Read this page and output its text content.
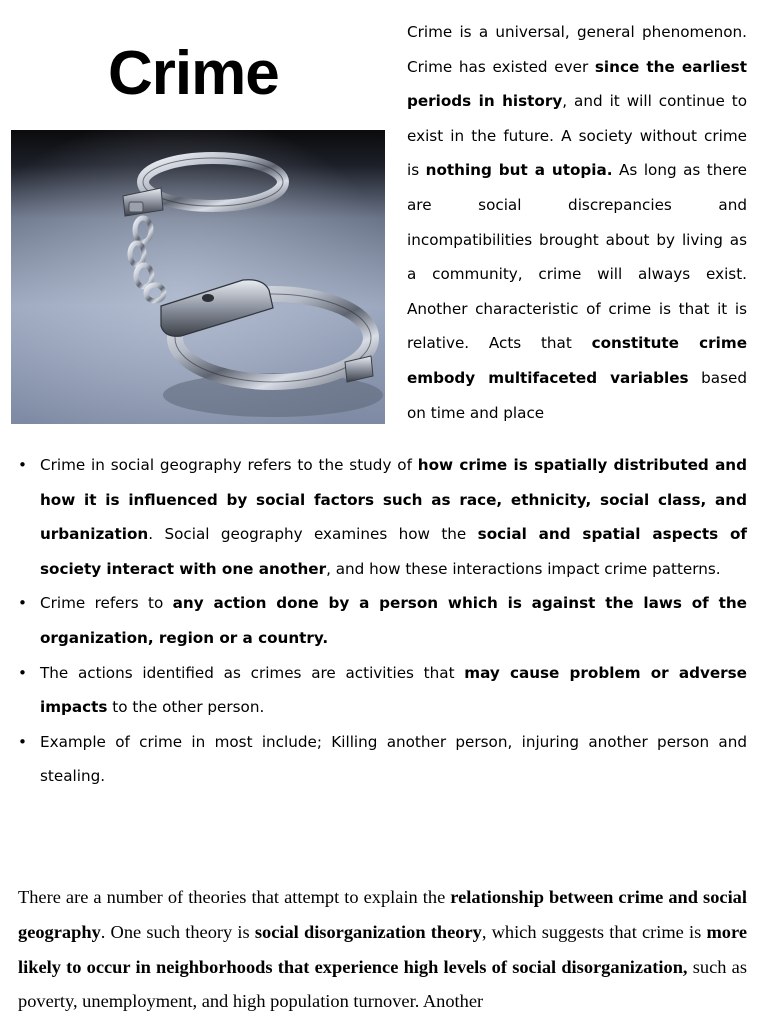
Crime

Crime is a universal, general phenomenon. Crime has existed ever since the earliest periods in history, and it will continue to exist in the future. A society without crime is nothing but a utopia. As long as there are social discrepancies and incompatibilities brought about by living as a community, crime will always exist. Another characteristic of crime is that it is relative. Acts that constitute crime embody multifaceted variables based on time and place

• Crime in social geography refers to the study of how crime is spatially distributed and how it is influenced by social factors such as race, ethnicity, social class, and urbanization. Social geography examines how the social and spatial aspects of society interact with one another, and how these interactions impact crime patterns.
• Crime refers to any action done by a person which is against the laws of the organization, region or a country.
• The actions identified as crimes are activities that may cause problem or adverse impacts to the other person.
• Example of crime in most include; Killing another person, injuring another person and stealing.

There are a number of theories that attempt to explain the relationship between crime and social geography. One such theory is social disorganization theory, which suggests that crime is more likely to occur in neighborhoods that experience high levels of social disorganization, such as poverty, unemployment, and high population turnover. Another
